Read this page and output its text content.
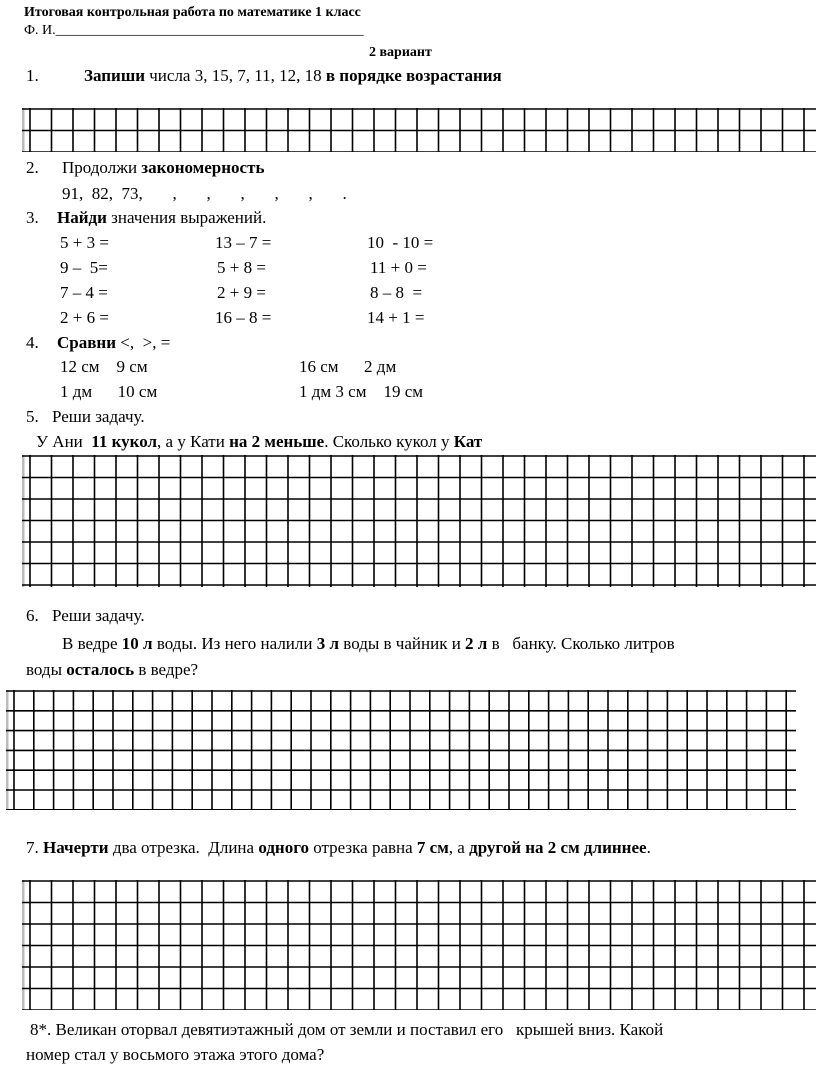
Итоговая контрольная работа по математике 1 класс
Ф. И.____________________________________________
2 вариант
1.	Запиши числа 3, 15, 7, 11, 12, 18 в порядке возрастания
2. Продолжи закономерность
91,  82,  73,       ,       ,       ,       ,       ,       .
3. Найди значения выражений.
5 + 3 =
9 –  5=
7 – 4 =
2 + 6 =
13 – 7 =
5 + 8 =
2 + 9 =
16 – 8 =
10  - 10 =
11 + 0 =
8 – 8  =
14 + 1 =
4. Сравни <,  >, =
12 см    9 см
1 дм      10 см
16 см      2 дм
1 дм 3 см    19 см
5. Реши задачу.
У Ани  11 кукол, а у Кати на 2 меньше. Сколько кукол у Кат
6. Реши задачу.
В ведре 10 л воды. Из него налили 3 л воды в чайник и 2 л в   банку. Сколько литров
воды осталось в ведре?
7. Начерти два отрезка.  Длина одного отрезка равна 7 см, а другой на 2 см длиннее.
8*. Великан оторвал девятиэтажный дом от земли и поставил его   крышей вниз. Какой
номер стал у восьмого этажа этого дома?
